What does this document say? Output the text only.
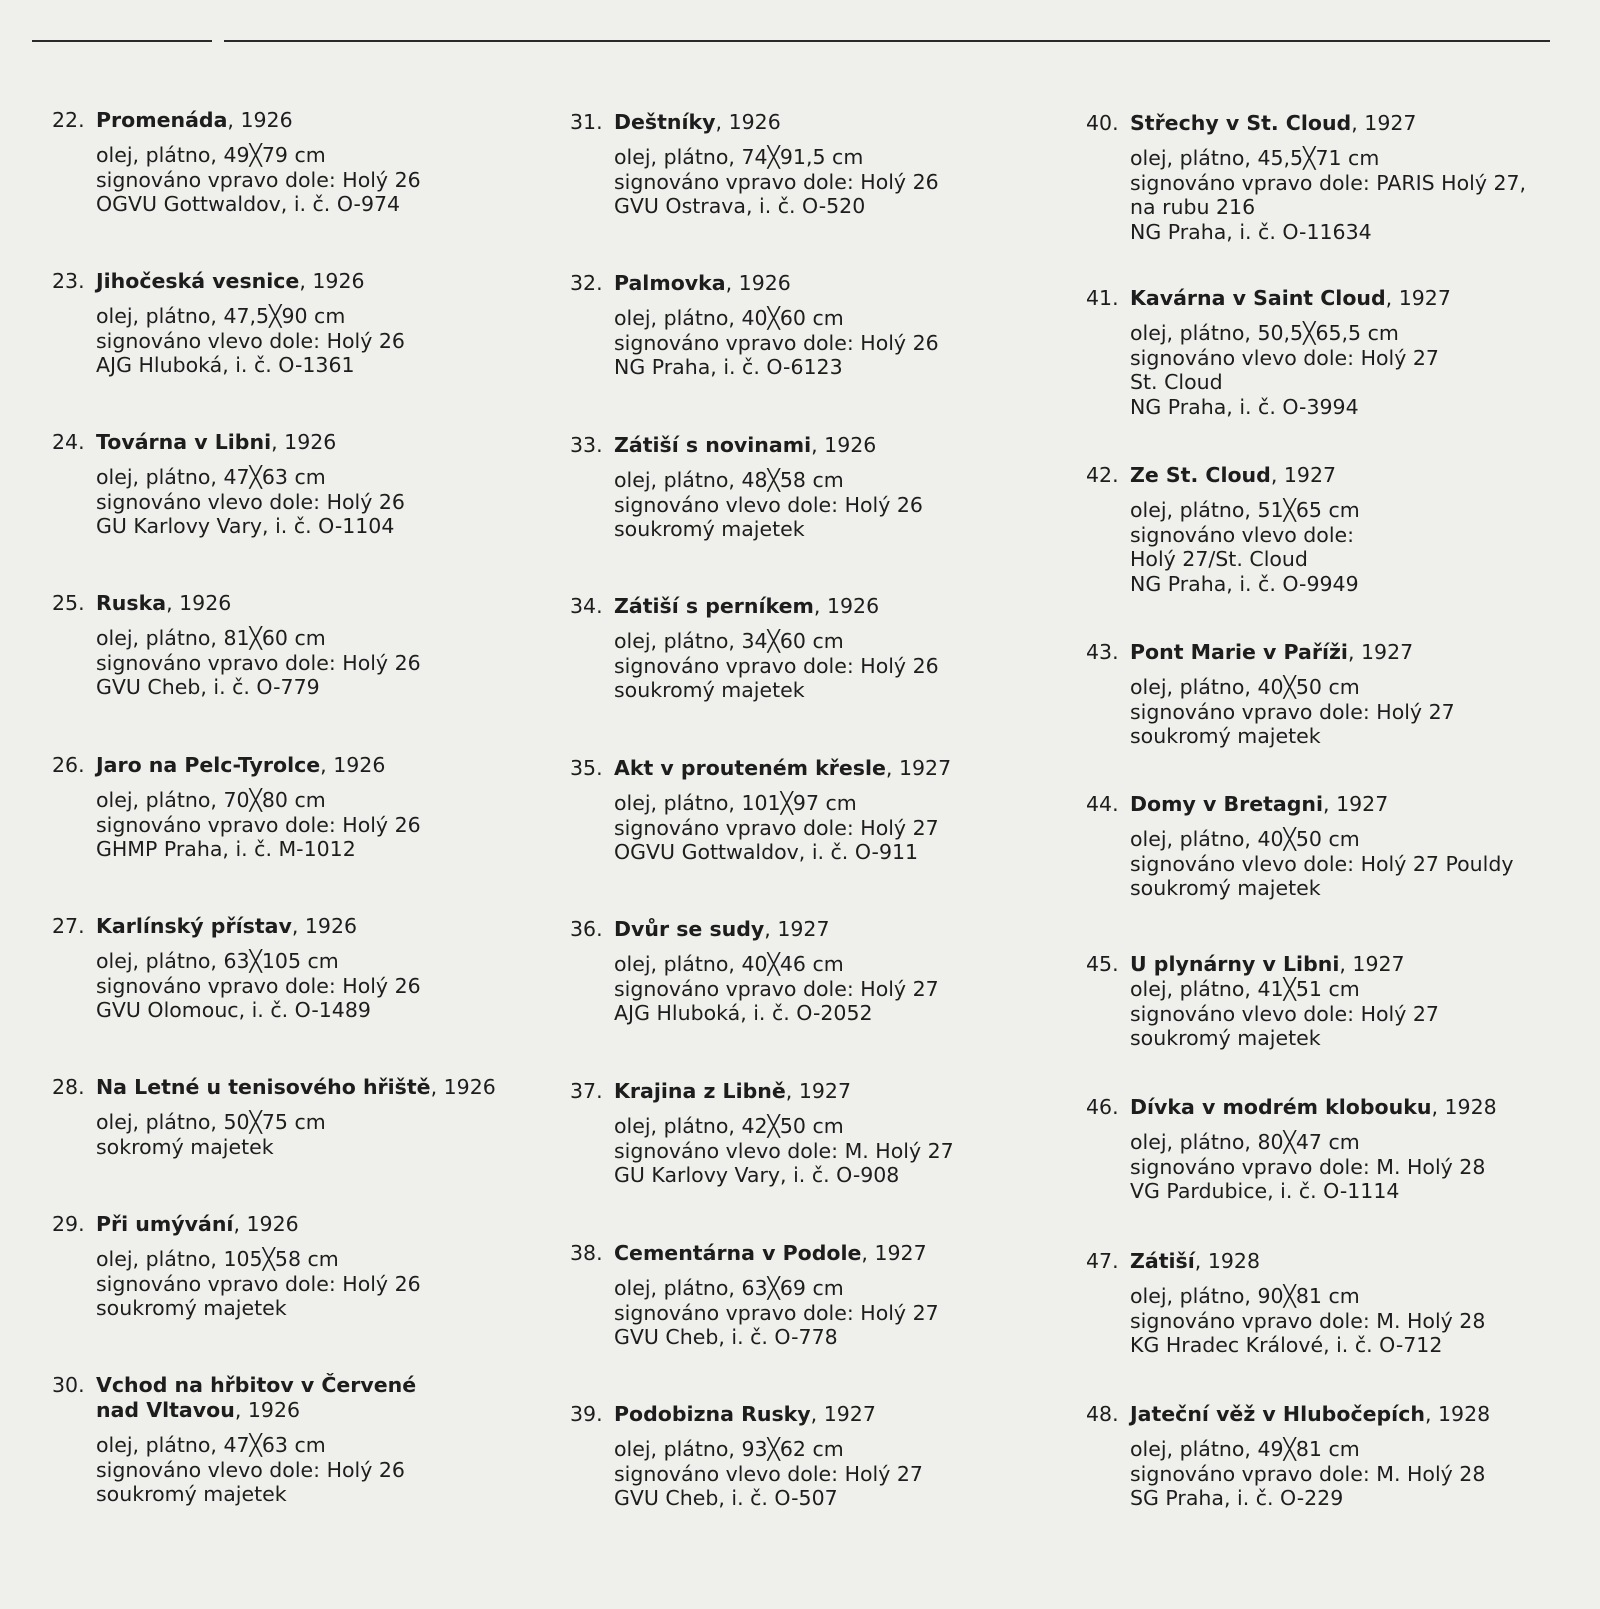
22. Promenáda, 1926
olej, plátno, 49╳79 cm
signováno vpravo dole: Holý 26
OGVU Gottwaldov, i. č. O-974
23. Jihočeská vesnice, 1926
olej, plátno, 47,5╳90 cm
signováno vlevo dole: Holý 26
AJG Hluboká, i. č. O-1361
24. Továrna v Libni, 1926
olej, plátno, 47╳63 cm
signováno vlevo dole: Holý 26
GU Karlovy Vary, i. č. O-1104
25. Ruska, 1926
olej, plátno, 81╳60 cm
signováno vpravo dole: Holý 26
GVU Cheb, i. č. O-779
26. Jaro na Pelc-Tyrolce, 1926
olej, plátno, 70╳80 cm
signováno vpravo dole: Holý 26
GHMP Praha, i. č. M-1012
27. Karlínský přístav, 1926
olej, plátno, 63╳105 cm
signováno vpravo dole: Holý 26
GVU Olomouc, i. č. O-1489
28. Na Letné u tenisového hřiště, 1926
olej, plátno, 50╳75 cm
sokromý majetek
29. Při umývání, 1926
olej, plátno, 105╳58 cm
signováno vpravo dole: Holý 26
soukromý majetek
30. Vchod na hřbitov v Červené
nad Vltavou, 1926
olej, plátno, 47╳63 cm
signováno vlevo dole: Holý 26
soukromý majetek
31. Deštníky, 1926
olej, plátno, 74╳91,5 cm
signováno vpravo dole: Holý 26
GVU Ostrava, i. č. O-520
32. Palmovka, 1926
olej, plátno, 40╳60 cm
signováno vpravo dole: Holý 26
NG Praha, i. č. O-6123
33. Zátiší s novinami, 1926
olej, plátno, 48╳58 cm
signováno vlevo dole: Holý 26
soukromý majetek
34. Zátiší s perníkem, 1926
olej, plátno, 34╳60 cm
signováno vpravo dole: Holý 26
soukromý majetek
35. Akt v prouteném křesle, 1927
olej, plátno, 101╳97 cm
signováno vpravo dole: Holý 27
OGVU Gottwaldov, i. č. O-911
36. Dvůr se sudy, 1927
olej, plátno, 40╳46 cm
signováno vpravo dole: Holý 27
AJG Hluboká, i. č. O-2052
37. Krajina z Libně, 1927
olej, plátno, 42╳50 cm
signováno vlevo dole: M. Holý 27
GU Karlovy Vary, i. č. O-908
38. Cementárna v Podole, 1927
olej, plátno, 63╳69 cm
signováno vpravo dole: Holý 27
GVU Cheb, i. č. O-778
39. Podobizna Rusky, 1927
olej, plátno, 93╳62 cm
signováno vlevo dole: Holý 27
GVU Cheb, i. č. O-507
40. Střechy v St. Cloud, 1927
olej, plátno, 45,5╳71 cm
signováno vpravo dole: PARIS Holý 27,
na rubu 216
NG Praha, i. č. O-11634
41. Kavárna v Saint Cloud, 1927
olej, plátno, 50,5╳65,5 cm
signováno vlevo dole: Holý 27
St. Cloud
NG Praha, i. č. O-3994
42. Ze St. Cloud, 1927
olej, plátno, 51╳65 cm
signováno vlevo dole:
Holý 27/St. Cloud
NG Praha, i. č. O-9949
43. Pont Marie v Paříži, 1927
olej, plátno, 40╳50 cm
signováno vpravo dole: Holý 27
soukromý majetek
44. Domy v Bretagni, 1927
olej, plátno, 40╳50 cm
signováno vlevo dole: Holý 27 Pouldy
soukromý majetek
45. U plynárny v Libni, 1927
olej, plátno, 41╳51 cm
signováno vlevo dole: Holý 27
soukromý majetek
46. Dívka v modrém klobouku, 1928
olej, plátno, 80╳47 cm
signováno vpravo dole: M. Holý 28
VG Pardubice, i. č. O-1114
47. Zátiší, 1928
olej, plátno, 90╳81 cm
signováno vpravo dole: M. Holý 28
KG Hradec Králové, i. č. O-712
48. Jateční věž v Hlubočepích, 1928
olej, plátno, 49╳81 cm
signováno vpravo dole: M. Holý 28
SG Praha, i. č. O-229
